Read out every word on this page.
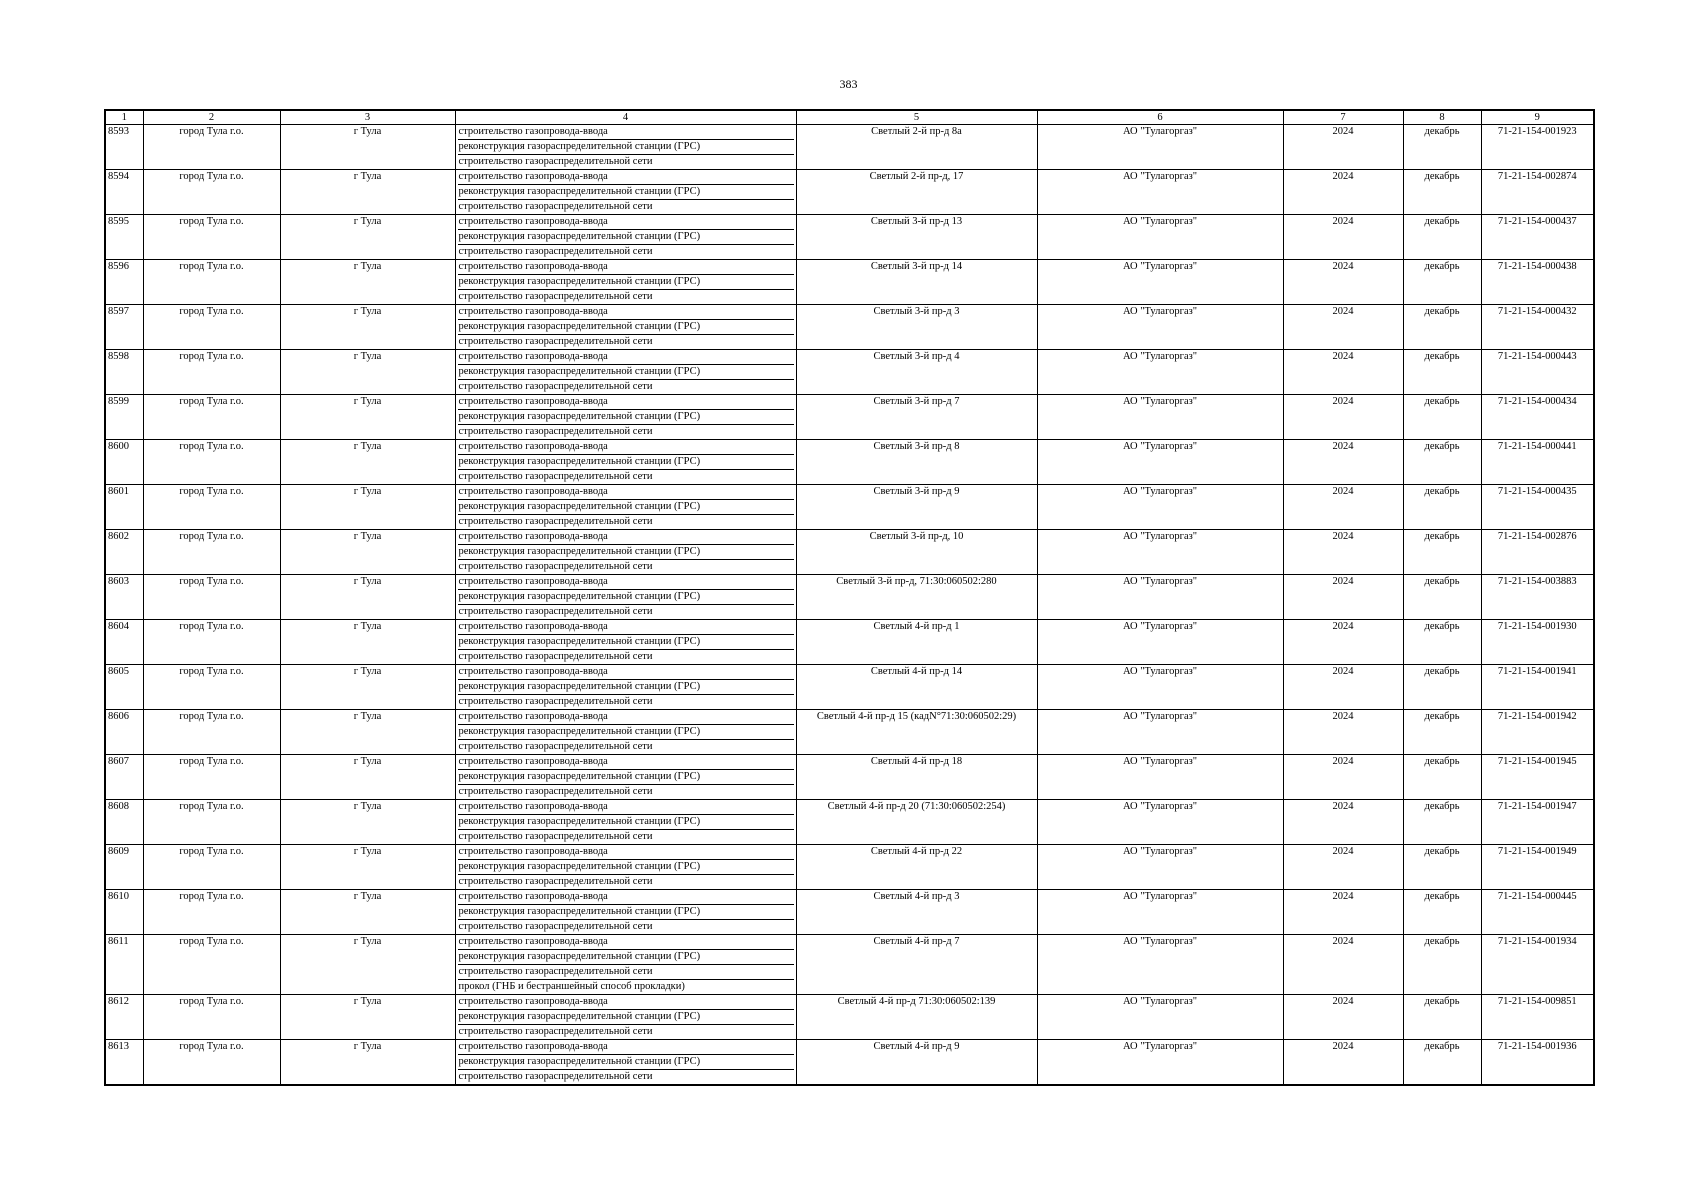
383
1	2	3	4	5	6	7	8	9
8593	город Тула г.о.	г Тула	строительство газопровода-ввода
реконструкция газораспределительной станции (ГРС)
строительство газораспределительной сети	Светлый 2-й пр-д 8а	АО "Тулагоргаз"	2024	декабрь	71-21-154-001923
8594	город Тула г.о.	г Тула	строительство газопровода-ввода
реконструкция газораспределительной станции (ГРС)
строительство газораспределительной сети	Светлый 2-й пр-д, 17	АО "Тулагоргаз"	2024	декабрь	71-21-154-002874
8595	город Тула г.о.	г Тула	строительство газопровода-ввода
реконструкция газораспределительной станции (ГРС)
строительство газораспределительной сети	Светлый 3-й пр-д 13	АО "Тулагоргаз"	2024	декабрь	71-21-154-000437
8596	город Тула г.о.	г Тула	строительство газопровода-ввода
реконструкция газораспределительной станции (ГРС)
строительство газораспределительной сети	Светлый 3-й пр-д 14	АО "Тулагоргаз"	2024	декабрь	71-21-154-000438
8597	город Тула г.о.	г Тула	строительство газопровода-ввода
реконструкция газораспределительной станции (ГРС)
строительство газораспределительной сети	Светлый 3-й пр-д 3	АО "Тулагоргаз"	2024	декабрь	71-21-154-000432
8598	город Тула г.о.	г Тула	строительство газопровода-ввода
реконструкция газораспределительной станции (ГРС)
строительство газораспределительной сети	Светлый 3-й пр-д 4	АО "Тулагоргаз"	2024	декабрь	71-21-154-000443
8599	город Тула г.о.	г Тула	строительство газопровода-ввода
реконструкция газораспределительной станции (ГРС)
строительство газораспределительной сети	Светлый 3-й пр-д 7	АО "Тулагоргаз"	2024	декабрь	71-21-154-000434
8600	город Тула г.о.	г Тула	строительство газопровода-ввода
реконструкция газораспределительной станции (ГРС)
строительство газораспределительной сети	Светлый 3-й пр-д 8	АО "Тулагоргаз"	2024	декабрь	71-21-154-000441
8601	город Тула г.о.	г Тула	строительство газопровода-ввода
реконструкция газораспределительной станции (ГРС)
строительство газораспределительной сети	Светлый 3-й пр-д 9	АО "Тулагоргаз"	2024	декабрь	71-21-154-000435
8602	город Тула г.о.	г Тула	строительство газопровода-ввода
реконструкция газораспределительной станции (ГРС)
строительство газораспределительной сети	Светлый 3-й пр-д, 10	АО "Тулагоргаз"	2024	декабрь	71-21-154-002876
8603	город Тула г.о.	г Тула	строительство газопровода-ввода
реконструкция газораспределительной станции (ГРС)
строительство газораспределительной сети	Светлый 3-й пр-д, 71:30:060502:280	АО "Тулагоргаз"	2024	декабрь	71-21-154-003883
8604	город Тула г.о.	г Тула	строительство газопровода-ввода
реконструкция газораспределительной станции (ГРС)
строительство газораспределительной сети	Светлый 4-й пр-д 1	АО "Тулагоргаз"	2024	декабрь	71-21-154-001930
8605	город Тула г.о.	г Тула	строительство газопровода-ввода
реконструкция газораспределительной станции (ГРС)
строительство газораспределительной сети	Светлый 4-й пр-д 14	АО "Тулагоргаз"	2024	декабрь	71-21-154-001941
8606	город Тула г.о.	г Тула	строительство газопровода-ввода
реконструкция газораспределительной станции (ГРС)
строительство газораспределительной сети	Светлый 4-й пр-д 15 (кадN°71:30:060502:29)	АО "Тулагоргаз"	2024	декабрь	71-21-154-001942
8607	город Тула г.о.	г Тула	строительство газопровода-ввода
реконструкция газораспределительной станции (ГРС)
строительство газораспределительной сети	Светлый 4-й пр-д 18	АО "Тулагоргаз"	2024	декабрь	71-21-154-001945
8608	город Тула г.о.	г Тула	строительство газопровода-ввода
реконструкция газораспределительной станции (ГРС)
строительство газораспределительной сети	Светлый 4-й пр-д 20 (71:30:060502:254)	АО "Тулагоргаз"	2024	декабрь	71-21-154-001947
8609	город Тула г.о.	г Тула	строительство газопровода-ввода
реконструкция газораспределительной станции (ГРС)
строительство газораспределительной сети	Светлый 4-й пр-д 22	АО "Тулагоргаз"	2024	декабрь	71-21-154-001949
8610	город Тула г.о.	г Тула	строительство газопровода-ввода
реконструкция газораспределительной станции (ГРС)
строительство газораспределительной сети	Светлый 4-й пр-д 3	АО "Тулагоргаз"	2024	декабрь	71-21-154-000445
8611	город Тула г.о.	г Тула	строительство газопровода-ввода
реконструкция газораспределительной станции (ГРС)
строительство газораспределительной сети
прокол (ГНБ и бестраншейный способ прокладки)	Светлый 4-й пр-д 7	АО "Тулагоргаз"	2024	декабрь	71-21-154-001934
8612	город Тула г.о.	г Тула	строительство газопровода-ввода
реконструкция газораспределительной станции (ГРС)
строительство газораспределительной сети	Светлый 4-й пр-д 71:30:060502:139	АО "Тулагоргаз"	2024	декабрь	71-21-154-009851
8613	город Тула г.о.	г Тула	строительство газопровода-ввода
реконструкция газораспределительной станции (ГРС)
строительство газораспределительной сети	Светлый 4-й пр-д 9	АО "Тулагоргаз"	2024	декабрь	71-21-154-001936
